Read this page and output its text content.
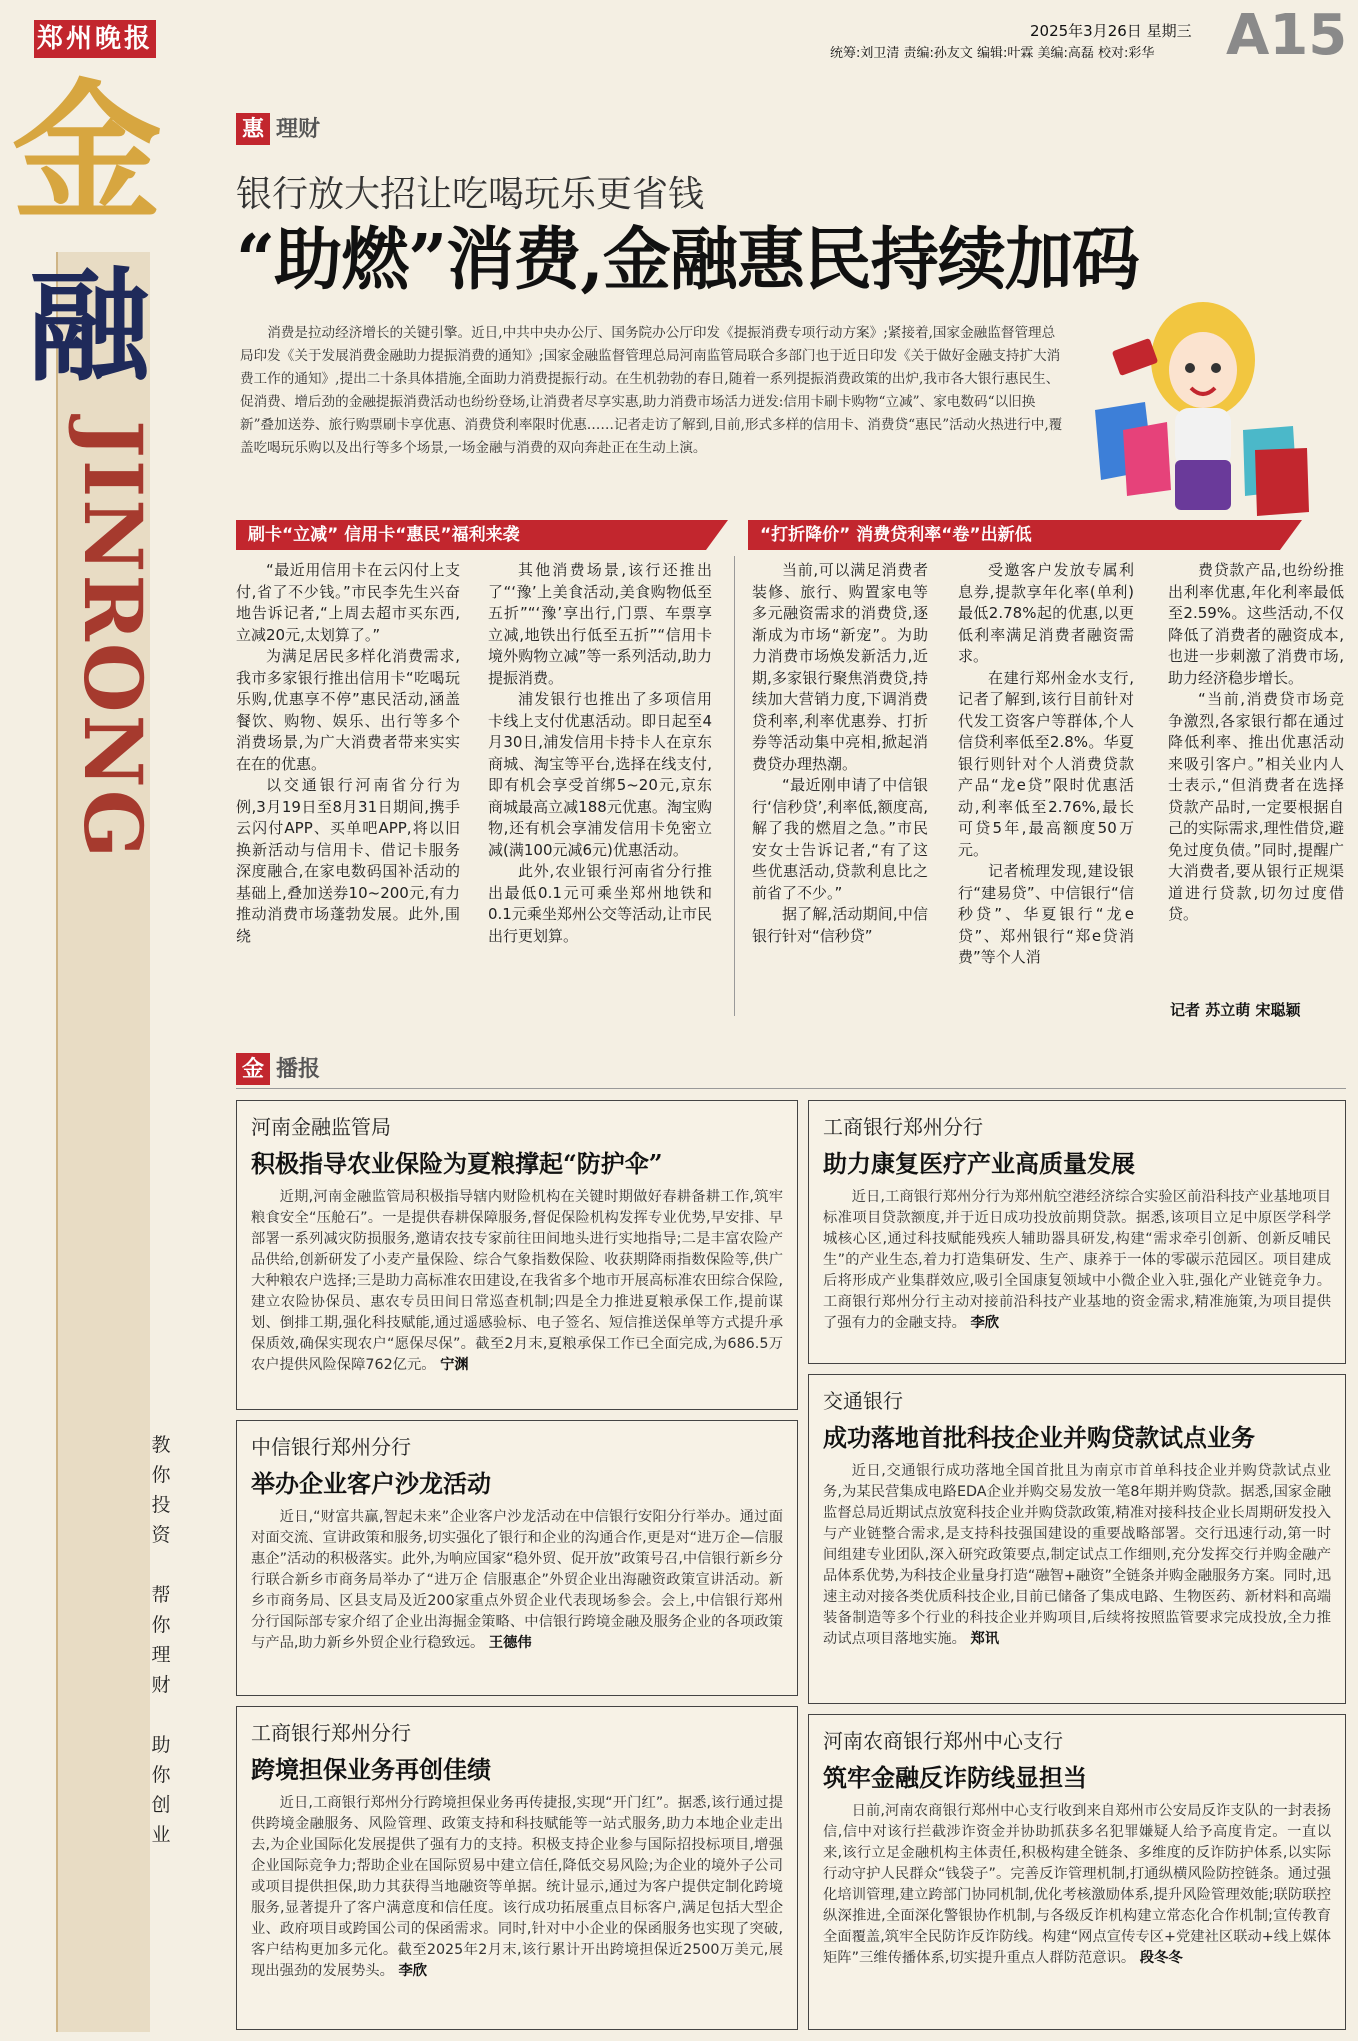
郑州晚报	2025年3月26日 星期三
统筹:刘卫清 责编:孙友文 编辑:叶霖 美编:高磊 校对:彩华 A15
金
融
JINRONG
教
你
投
资

帮
你
理
财

助
你
创
业
惠 理财
银行放大招让吃喝玩乐更省钱
“助燃”消费,金融惠民持续加码

消费是拉动经济增长的关键引擎。近日,中共中央办公厅、国务院办公厅印发《提振消费专项行动方案》;紧接着,国家金融监督管理总局印发《关于发展消费金融助力提振消费的通知》;国家金融监督管理总局河南监管局联合多部门也于近日印发《关于做好金融支持扩大消费工作的通知》,提出二十条具体措施,全面助力消费提振行动。在生机勃勃的春日,随着一系列提振消费政策的出炉,我市各大银行惠民生、促消费、增后劲的金融提振消费活动也纷纷登场,让消费者尽享实惠,助力消费市场活力迸发:信用卡刷卡购物“立减”、家电数码“以旧换新”叠加送券、旅行购票刷卡享优惠、消费贷利率限时优惠……记者走访了解到,目前,形式多样的信用卡、消费贷“惠民”活动火热进行中,覆盖吃喝玩乐购以及出行等多个场景,一场金融与消费的双向奔赴正在生动上演。

刷卡“立减” 信用卡“惠民”福利来袭	“打折降价” 消费贷利率“卷”出新低

“最近用信用卡在云闪付上支付,省了不少钱。”市民李先生兴奋地告诉记者,“上周去超市买东西,立减20元,太划算了。”

为满足居民多样化消费需求,我市多家银行推出信用卡“吃喝玩乐购,优惠享不停”惠民活动,涵盖餐饮、购物、娱乐、出行等多个消费场景,为广大消费者带来实实在在的优惠。

以交通银行河南省分行为例,3月19日至8月31日期间,携手云闪付APP、买单吧APP,将以旧换新活动与信用卡、借记卡服务深度融合,在家电数码国补活动的基础上,叠加送券10~200元,有力推动消费市场蓬勃发展。此外,围绕

其他消费场景,该行还推出了“‘豫’上美食活动,美食购物低至五折”“‘豫’享出行,门票、车票享立减,地铁出行低至五折”“信用卡境外购物立减”等一系列活动,助力提振消费。

浦发银行也推出了多项信用卡线上支付优惠活动。即日起至4月30日,浦发信用卡持卡人在京东商城、淘宝等平台,选择在线支付,即有机会享受首绑5~20元,京东商城最高立减188元优惠。淘宝购物,还有机会享浦发信用卡免密立减(满100元减6元)优惠活动。

此外,农业银行河南省分行推出最低0.1元可乘坐郑州地铁和0.1元乘坐郑州公交等活动,让市民出行更划算。

当前,可以满足消费者装修、旅行、购置家电等多元融资需求的消费贷,逐渐成为市场“新宠”。为助力消费市场焕发新活力,近期,多家银行聚焦消费贷,持续加大营销力度,下调消费贷利率,利率优惠券、打折券等活动集中亮相,掀起消费贷办理热潮。

“最近刚申请了中信银行‘信秒贷’,利率低,额度高,解了我的燃眉之急。”市民安女士告诉记者,“有了这些优惠活动,贷款利息比之前省了不少。”

据了解,活动期间,中信银行针对“信秒贷”

受邀客户发放专属利息券,提款享年化率(单利)最低2.78%起的优惠,以更低利率满足消费者融资需求。

在建行郑州金水支行,记者了解到,该行目前针对代发工资客户等群体,个人信贷利率低至2.8%。华夏银行则针对个人消费贷款产品“龙e贷”限时优惠活动,利率低至2.76%,最长可贷5年,最高额度50万元。

记者梳理发现,建设银行“建易贷”、中信银行“信秒贷”、华夏银行“龙e贷”、郑州银行“郑e贷消费”等个人消

费贷款产品,也纷纷推出利率优惠,年化利率最低至2.59%。这些活动,不仅降低了消费者的融资成本,也进一步刺激了消费市场,助力经济稳步增长。

“当前,消费贷市场竞争激烈,各家银行都在通过降低利率、推出优惠活动来吸引客户。”相关业内人士表示,“但消费者在选择贷款产品时,一定要根据自己的实际需求,理性借贷,避免过度负债。”同时,提醒广大消费者,要从银行正规渠道进行贷款,切勿过度借贷。

记者 苏立萌 宋聪颖
金 播报
河南金融监管局
积极指导农业保险为夏粮撑起“防护伞”
近期,河南金融监管局积极指导辖内财险机构在关键时期做好春耕备耕工作,筑牢粮食安全“压舱石”。一是提供春耕保障服务,督促保险机构发挥专业优势,早安排、早部署一系列减灾防损服务,邀请农技专家前往田间地头进行实地指导;二是丰富农险产品供给,创新研发了小麦产量保险、综合气象指数保险、收获期降雨指数保险等,供广大种粮农户选择;三是助力高标准农田建设,在我省多个地市开展高标准农田综合保险,建立农险协保员、惠农专员田间日常巡查机制;四是全力推进夏粮承保工作,提前谋划、倒排工期,强化科技赋能,通过遥感验标、电子签名、短信推送保单等方式提升承保质效,确保实现农户“愿保尽保”。截至2月末,夏粮承保工作已全面完成,为686.5万农户提供风险保障762亿元。 宁渊
中信银行郑州分行
举办企业客户沙龙活动
近日,“财富共赢,智起未来”企业客户沙龙活动在中信银行安阳分行举办。通过面对面交流、宣讲政策和服务,切实强化了银行和企业的沟通合作,更是对“进万企—信服惠企”活动的积极落实。此外,为响应国家“稳外贸、促开放”政策号召,中信银行新乡分行联合新乡市商务局举办了“进万企 信服惠企”外贸企业出海融资政策宣讲活动。新乡市商务局、区县支局及近200家重点外贸企业代表现场参会。会上,中信银行郑州分行国际部专家介绍了企业出海掘金策略、中信银行跨境金融及服务企业的各项政策与产品,助力新乡外贸企业行稳致远。 王德伟
工商银行郑州分行
跨境担保业务再创佳绩
近日,工商银行郑州分行跨境担保业务再传捷报,实现“开门红”。据悉,该行通过提供跨境金融服务、风险管理、政策支持和科技赋能等一站式服务,助力本地企业走出去,为企业国际化发展提供了强有力的支持。积极支持企业参与国际招投标项目,增强企业国际竞争力;帮助企业在国际贸易中建立信任,降低交易风险;为企业的境外子公司或项目提供担保,助力其获得当地融资等单据。统计显示,通过为客户提供定制化跨境服务,显著提升了客户满意度和信任度。该行成功拓展重点目标客户,满足包括大型企业、政府项目或跨国公司的保函需求。同时,针对中小企业的保函服务也实现了突破,客户结构更加多元化。截至2025年2月末,该行累计开出跨境担保近2500万美元,展现出强劲的发展势头。 李欣
工商银行郑州分行
助力康复医疗产业高质量发展
近日,工商银行郑州分行为郑州航空港经济综合实验区前沿科技产业基地项目标准项目贷款额度,并于近日成功投放前期贷款。据悉,该项目立足中原医学科学城核心区,通过科技赋能残疾人辅助器具研发,构建“需求牵引创新、创新反哺民生”的产业生态,着力打造集研发、生产、康养于一体的零碳示范园区。项目建成后将形成产业集群效应,吸引全国康复领域中小微企业入驻,强化产业链竞争力。工商银行郑州分行主动对接前沿科技产业基地的资金需求,精准施策,为项目提供了强有力的金融支持。 李欣
交通银行
成功落地首批科技企业并购贷款试点业务
近日,交通银行成功落地全国首批且为南京市首单科技企业并购贷款试点业务,为某民营集成电路EDA企业并购交易发放一笔8年期并购贷款。据悉,国家金融监督总局近期试点放宽科技企业并购贷款政策,精准对接科技企业长周期研发投入与产业链整合需求,是支持科技强国建设的重要战略部署。交行迅速行动,第一时间组建专业团队,深入研究政策要点,制定试点工作细则,充分发挥交行并购金融产品体系优势,为科技企业量身打造“融智+融资”全链条并购金融服务方案。同时,迅速主动对接各类优质科技企业,目前已储备了集成电路、生物医药、新材料和高端装备制造等多个行业的科技企业并购项目,后续将按照监管要求完成投放,全力推动试点项目落地实施。 郑讯
河南农商银行郑州中心支行
筑牢金融反诈防线显担当
日前,河南农商银行郑州中心支行收到来自郑州市公安局反诈支队的一封表扬信,信中对该行拦截涉诈资金并协助抓获多名犯罪嫌疑人给予高度肯定。一直以来,该行立足金融机构主体责任,积极构建全链条、多维度的反诈防护体系,以实际行动守护人民群众“钱袋子”。完善反诈管理机制,打通纵横风险防控链条。通过强化培训管理,建立跨部门协同机制,优化考核激励体系,提升风险管理效能;联防联控纵深推进,全面深化警银协作机制,与各级反诈机构建立常态化合作机制;宣传教育全面覆盖,筑牢全民防诈反诈防线。构建“网点宣传专区+党建社区联动+线上媒体矩阵”三维传播体系,切实提升重点人群防范意识。 段冬冬
